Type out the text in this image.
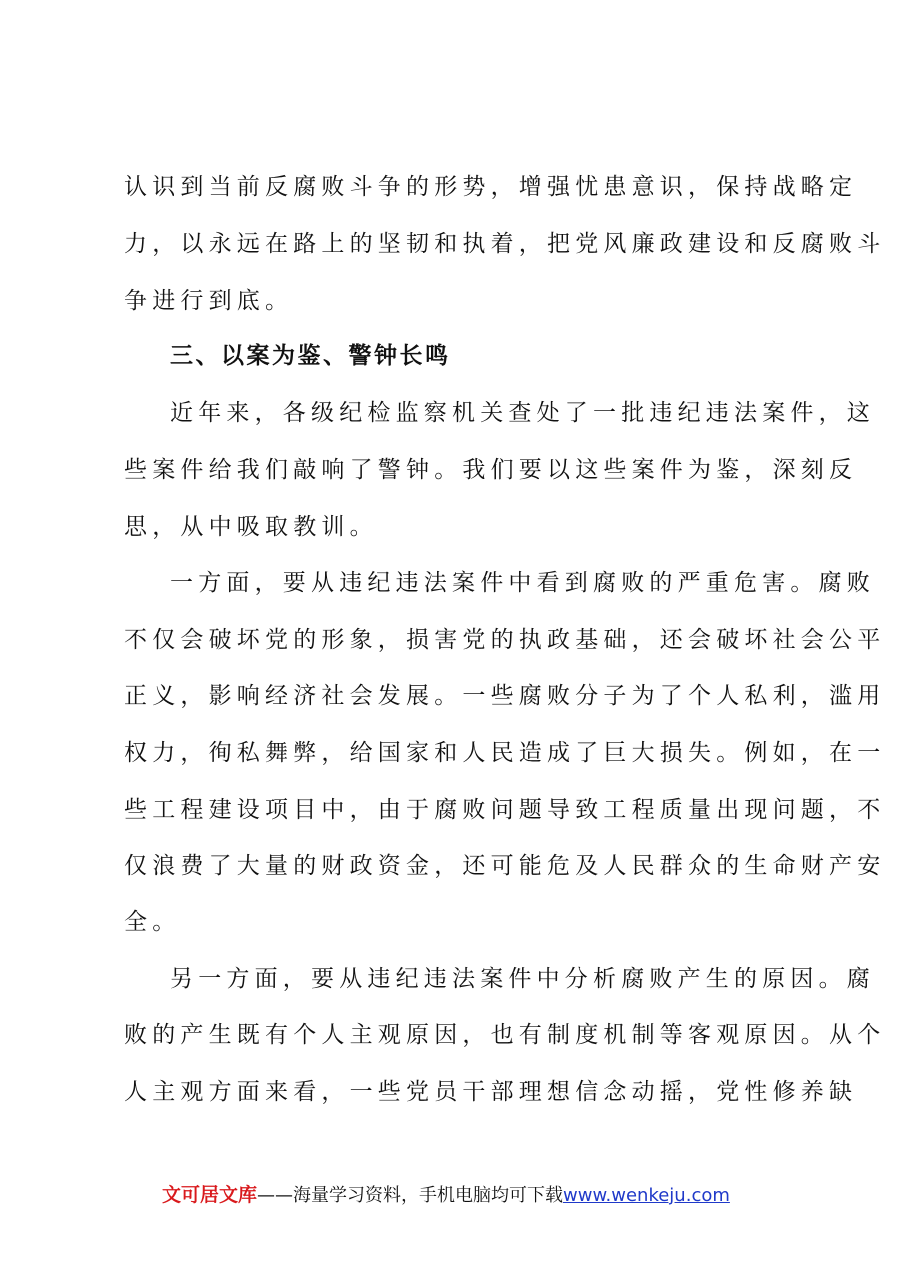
认识到当前反腐败斗争的形势，增强忧患意识，保持战略定
力，以永远在路上的坚韧和执着，把党风廉政建设和反腐败斗
争进行到底。
三、以案为鉴、警钟长鸣
近年来，各级纪检监察机关查处了一批违纪违法案件，这
些案件给我们敲响了警钟。我们要以这些案件为鉴，深刻反
思，从中吸取教训。
一方面，要从违纪违法案件中看到腐败的严重危害。腐败
不仅会破坏党的形象，损害党的执政基础，还会破坏社会公平
正义，影响经济社会发展。一些腐败分子为了个人私利，滥用
权力，徇私舞弊，给国家和人民造成了巨大损失。例如，在一
些工程建设项目中，由于腐败问题导致工程质量出现问题，不
仅浪费了大量的财政资金，还可能危及人民群众的生命财产安
全。
另一方面，要从违纪违法案件中分析腐败产生的原因。腐
败的产生既有个人主观原因，也有制度机制等客观原因。从个
人主观方面来看，一些党员干部理想信念动摇，党性修养缺
文可居文库——海量学习资料，手机电脑均可下载www.wenkeju.com
